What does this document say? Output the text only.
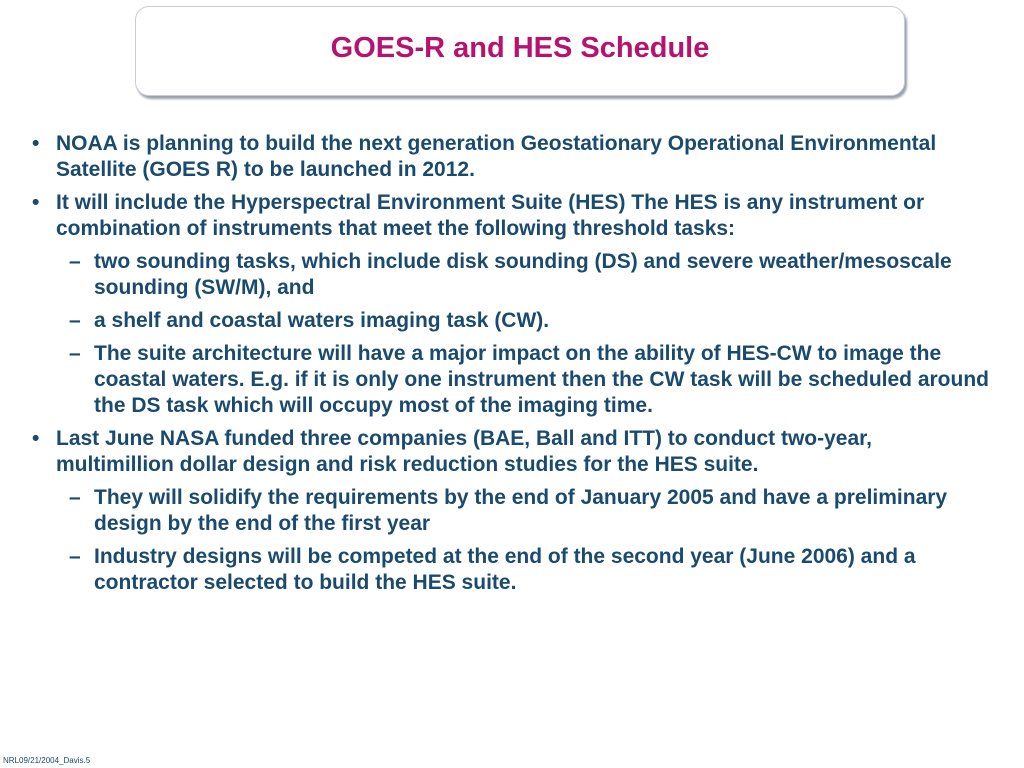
GOES-R and HES Schedule
• NOAA is planning to build the next generation Geostationary Operational Environmental Satellite (GOES R) to be launched in 2012.
• It will include the Hyperspectral Environment Suite (HES) The HES is any instrument or combination of instruments that meet the following threshold tasks:
– two sounding tasks, which include disk sounding (DS) and severe weather/mesoscale sounding (SW/M), and
– a shelf and coastal waters imaging task (CW).
– The suite architecture will have a major impact on the ability of HES-CW to image the coastal waters. E.g. if it is only one instrument then the CW task will be scheduled around the DS task which will occupy most of the imaging time.
• Last June NASA funded three companies (BAE, Ball and ITT) to conduct two-year, multimillion dollar design and risk reduction studies for the HES suite.
– They will solidify the requirements by the end of January 2005 and have a preliminary design by the end of the first year
– Industry designs will be competed at the end of the second year (June 2006) and a contractor selected to build the HES suite.
NRL09/21/2004_Davis.5
